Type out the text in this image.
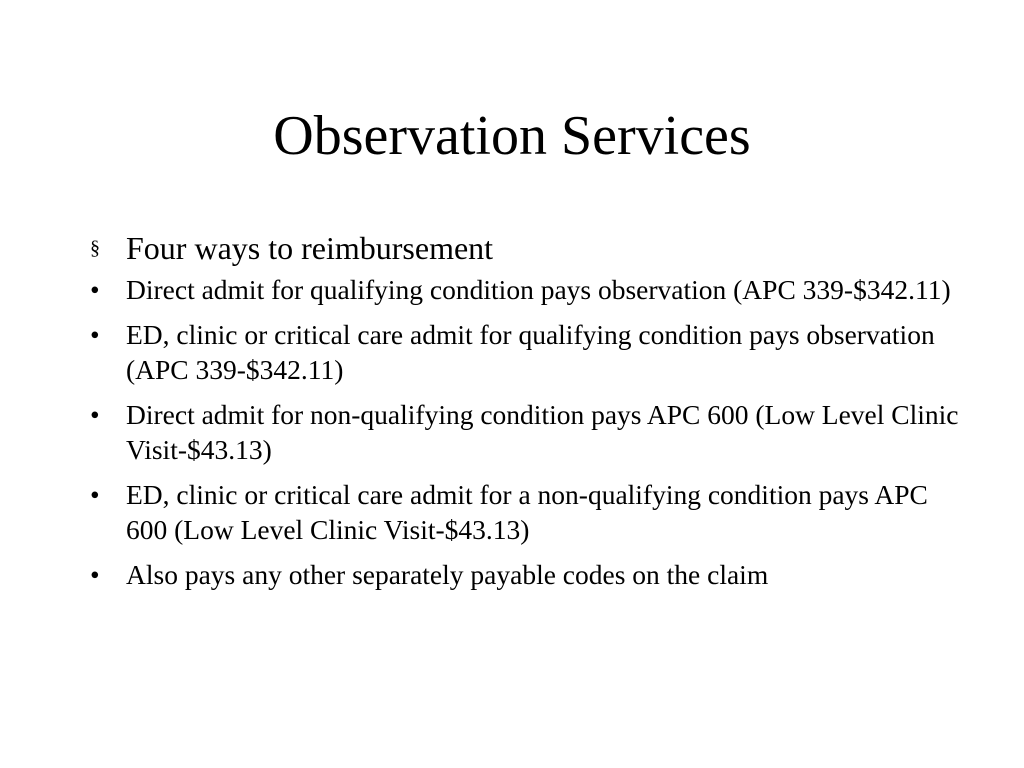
Observation Services
§ Four ways to reimbursement
• Direct admit for qualifying condition pays observation (APC 339-$342.11)
• ED, clinic or critical care admit for qualifying condition pays observation (APC 339-$342.11)
• Direct admit for non-qualifying condition pays APC 600 (Low Level Clinic Visit-$43.13)
• ED, clinic or critical care admit for a non-qualifying condition pays APC 600 (Low Level Clinic Visit-$43.13)
• Also pays any other separately payable codes on the claim
